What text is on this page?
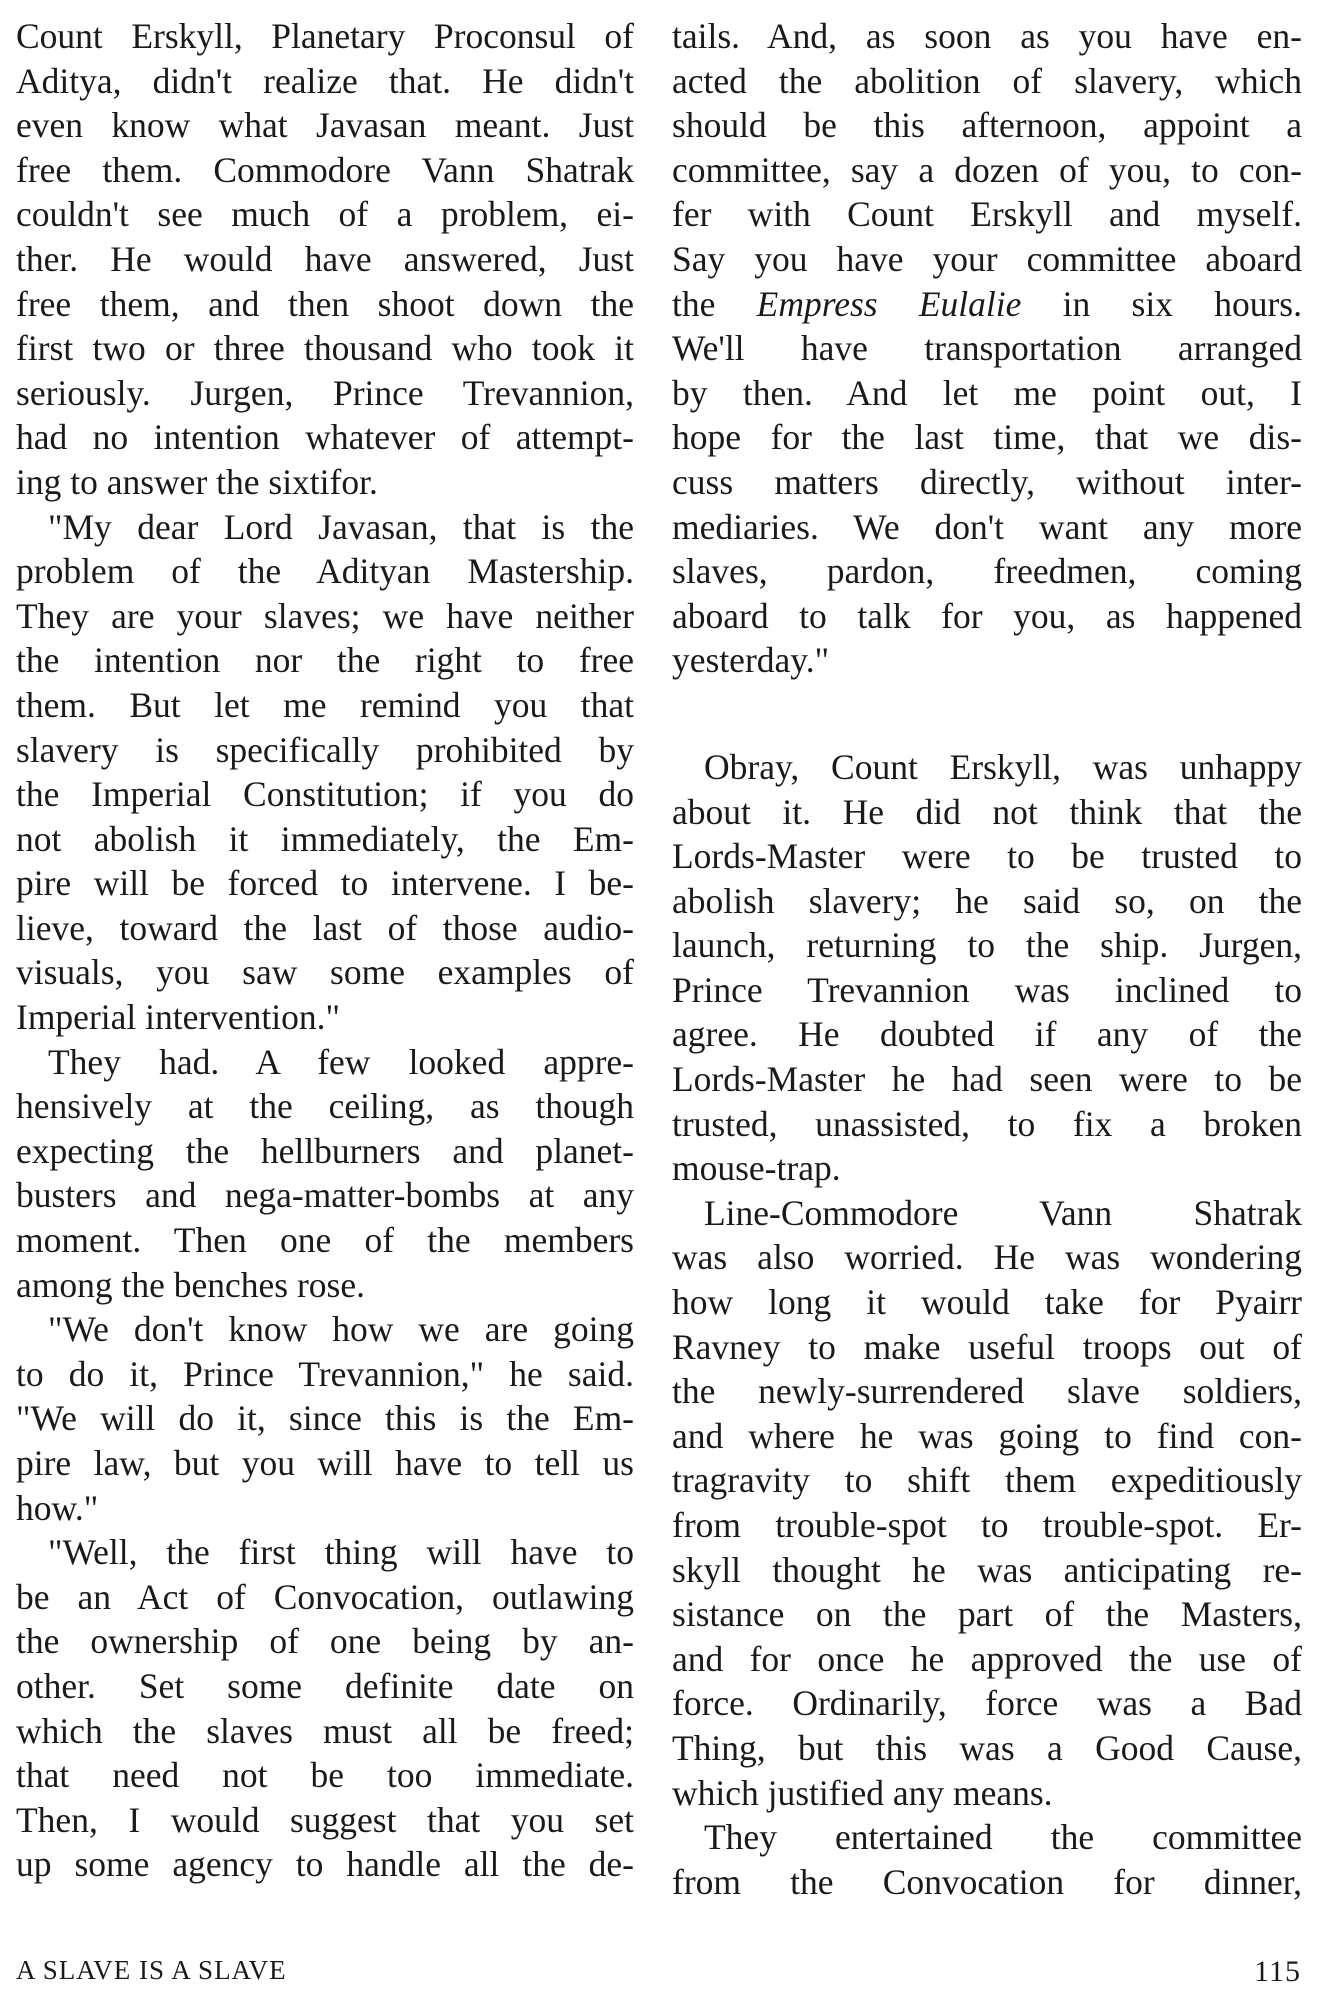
Count Erskyll, Planetary Proconsul of
Aditya, didn't realize that. He didn't
even know what Javasan meant. Just
free them. Commodore Vann Shatrak
couldn't see much of a problem, ei-
ther. He would have answered, Just
free them, and then shoot down the
first two or three thousand who took it
seriously. Jurgen, Prince Trevannion,
had no intention whatever of attempt-
ing to answer the sixtifor.
"My dear Lord Javasan, that is the
problem of the Adityan Mastership.
They are your slaves; we have neither
the intention nor the right to free
them. But let me remind you that
slavery is specifically prohibited by
the Imperial Constitution; if you do
not abolish it immediately, the Em-
pire will be forced to intervene. I be-
lieve, toward the last of those audio-
visuals, you saw some examples of
Imperial intervention."
They had. A few looked appre-
hensively at the ceiling, as though
expecting the hellburners and planet-
busters and nega-matter-bombs at any
moment. Then one of the members
among the benches rose.
"We don't know how we are going
to do it, Prince Trevannion," he said.
"We will do it, since this is the Em-
pire law, but you will have to tell us
how."
"Well, the first thing will have to
be an Act of Convocation, outlawing
the ownership of one being by an-
other. Set some definite date on
which the slaves must all be freed;
that need not be too immediate.
Then, I would suggest that you set
up some agency to handle all the de-
tails. And, as soon as you have en-
acted the abolition of slavery, which
should be this afternoon, appoint a
committee, say a dozen of you, to con-
fer with Count Erskyll and myself.
Say you have your committee aboard
the Empress Eulalie in six hours.
We'll have transportation arranged
by then. And let me point out, I
hope for the last time, that we dis-
cuss matters directly, without inter-
mediaries. We don't want any more
slaves, pardon, freedmen, coming
aboard to talk for you, as happened
yesterday."
Obray, Count Erskyll, was unhappy
about it. He did not think that the
Lords-Master were to be trusted to
abolish slavery; he said so, on the
launch, returning to the ship. Jurgen,
Prince Trevannion was inclined to
agree. He doubted if any of the
Lords-Master he had seen were to be
trusted, unassisted, to fix a broken
mouse-trap.
Line-Commodore Vann Shatrak
was also worried. He was wondering
how long it would take for Pyairr
Ravney to make useful troops out of
the newly-surrendered slave soldiers,
and where he was going to find con-
tragravity to shift them expeditiously
from trouble-spot to trouble-spot. Er-
skyll thought he was anticipating re-
sistance on the part of the Masters,
and for once he approved the use of
force. Ordinarily, force was a Bad
Thing, but this was a Good Cause,
which justified any means.
They entertained the committee
from the Convocation for dinner,
A SLAVE IS A SLAVE	115
